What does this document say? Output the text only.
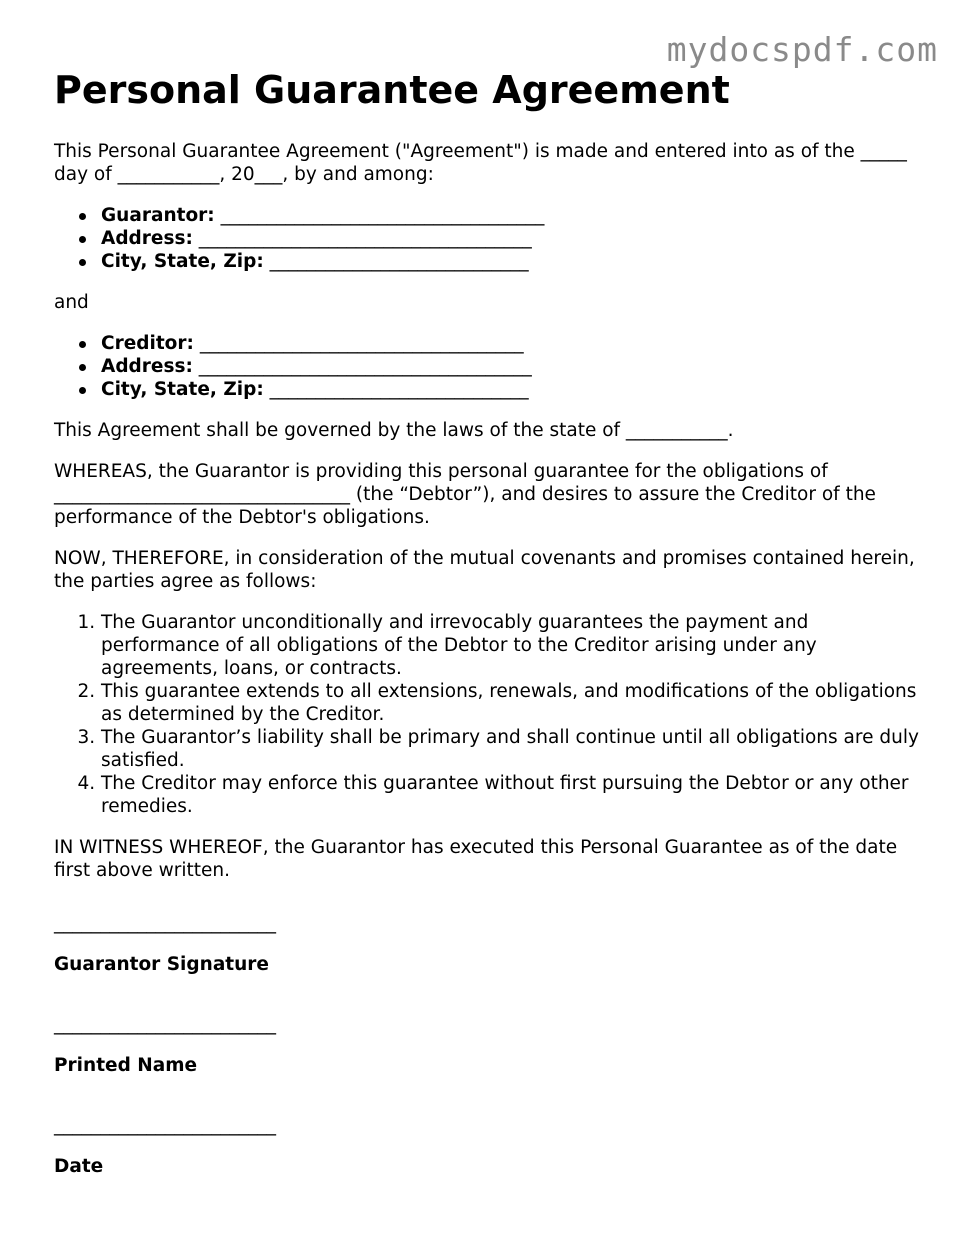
mydocspdf.com
Personal Guarantee Agreement

This Personal Guarantee Agreement ("Agreement") is made and entered into as of the _____ day of ___________, 20___, by and among:

Guarantor: ___________________________________
Address: ____________________________________
City, State, Zip: ____________________________

and

Creditor: ___________________________________
Address: ____________________________________
City, State, Zip: ____________________________

This Agreement shall be governed by the laws of the state of ___________.

WHEREAS, the Guarantor is providing this personal guarantee for the obligations of ________________________________ (the “Debtor”), and desires to assure the Creditor of the performance of the Debtor's obligations.

NOW, THEREFORE, in consideration of the mutual covenants and promises contained herein, the parties agree as follows:

1. The Guarantor unconditionally and irrevocably guarantees the payment and performance of all obligations of the Debtor to the Creditor arising under any agreements, loans, or contracts.
2. This guarantee extends to all extensions, renewals, and modifications of the obligations as determined by the Creditor.
3. The Guarantor’s liability shall be primary and shall continue until all obligations are duly satisfied.
4. The Creditor may enforce this guarantee without first pursuing the Debtor or any other remedies.

IN WITNESS WHEREOF, the Guarantor has executed this Personal Guarantee as of the date first above written.

________________________
Guarantor Signature
________________________
Printed Name
________________________
Date
